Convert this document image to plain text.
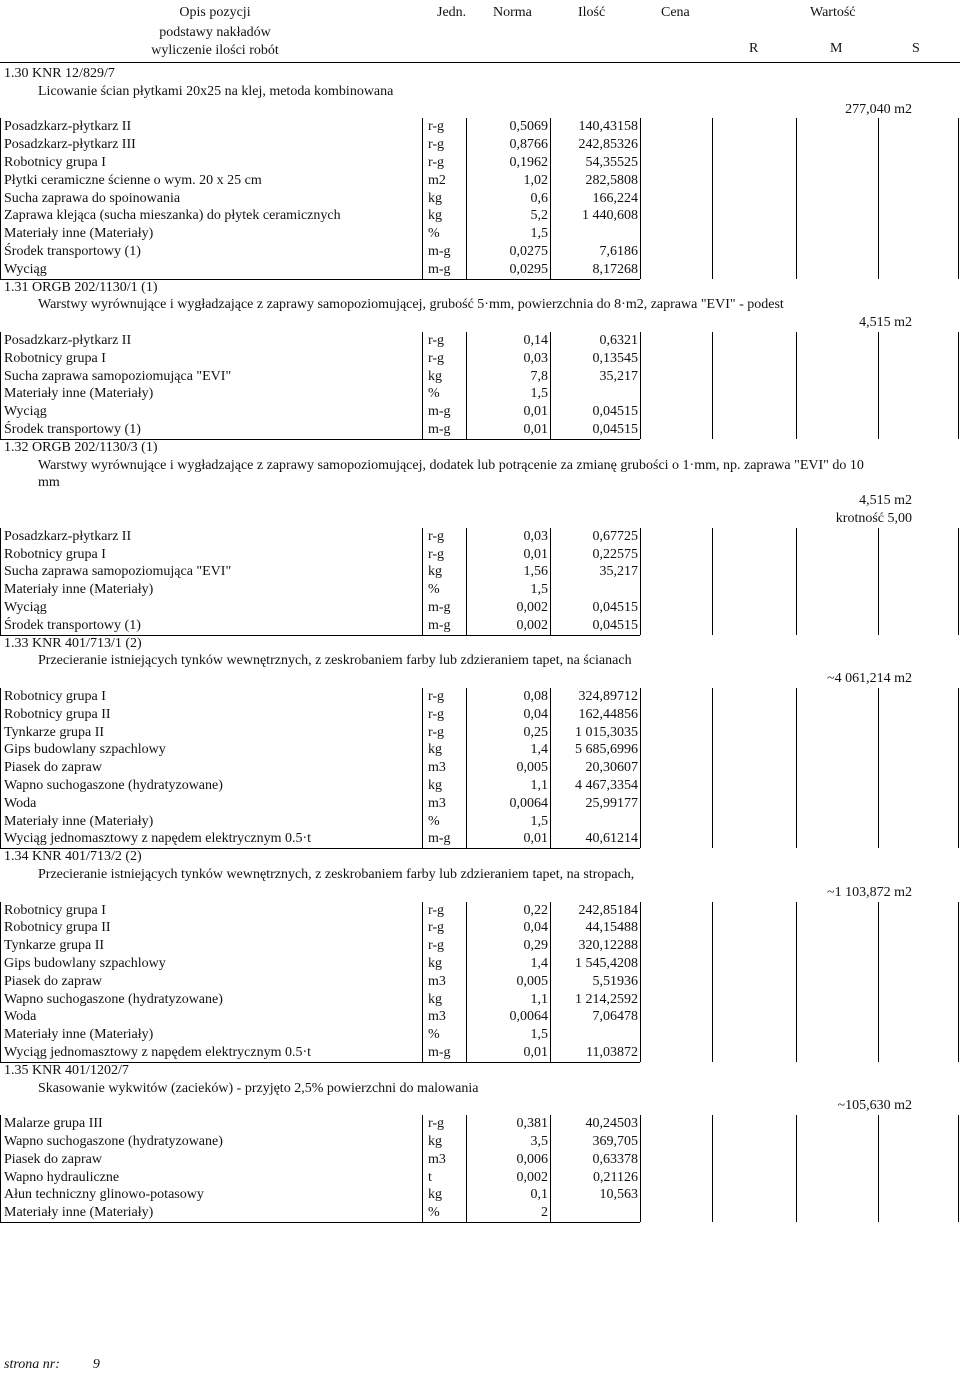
Opis pozycji
podstawy nakładów
wyliczenie ilości robót
Jedn. Norma	Ilość	Cena	Wartość
R	M	S
1.30 KNR 12/829/7
Licowanie ścian płytkami 20x25 na klej, metoda kombinowana
277,040 m2
Posadzkarz-płytkarz II	r-g	0,5069	140,43158
Posadzkarz-płytkarz III	r-g	0,8766	242,85326
Robotnicy grupa I	r-g	0,1962	54,35525
Płytki ceramiczne ścienne o wym. 20 x 25 cm	m2	1,02	282,5808
Sucha zaprawa do spoinowania	kg	0,6	166,224
Zaprawa klejąca (sucha mieszanka) do płytek ceramicznych	kg	5,2	1 440,608
Materiały inne (Materiały)	%	1,5
Środek transportowy (1)	m-g	0,0275	7,6186
Wyciąg	m-g	0,0295	8,17268
1.31 ORGB 202/1130/1 (1)
Warstwy wyrównujące i wygładzające z zaprawy samopoziomującej, grubość 5·mm, powierzchnia do 8·m2, zaprawa "EVI" - podest
4,515 m2
Posadzkarz-płytkarz II	r-g	0,14	0,6321
Robotnicy grupa I	r-g	0,03	0,13545
Sucha zaprawa samopoziomująca "EVI"	kg	7,8	35,217
Materiały inne (Materiały)	%	1,5
Wyciąg	m-g	0,01	0,04515
Środek transportowy (1)	m-g	0,01	0,04515
1.32 ORGB 202/1130/3 (1)
Warstwy wyrównujące i wygładzające z zaprawy samopoziomującej, dodatek lub potrącenie za zmianę grubości o 1·mm, np. zaprawa "EVI" do 10
mm
4,515 m2
krotność 5,00
Posadzkarz-płytkarz II	r-g	0,03	0,67725
Robotnicy grupa I	r-g	0,01	0,22575
Sucha zaprawa samopoziomująca "EVI"	kg	1,56	35,217
Materiały inne (Materiały)	%	1,5
Wyciąg	m-g	0,002	0,04515
Środek transportowy (1)	m-g	0,002	0,04515
1.33 KNR 401/713/1 (2)
Przecieranie istniejących tynków wewnętrznych, z zeskrobaniem farby lub zdzieraniem tapet, na ścianach
~4 061,214 m2
Robotnicy grupa I	r-g	0,08	324,89712
Robotnicy grupa II	r-g	0,04	162,44856
Tynkarze grupa II	r-g	0,25	1 015,3035
Gips budowlany szpachlowy	kg	1,4	5 685,6996
Piasek do zapraw	m3	0,005	20,30607
Wapno suchogaszone (hydratyzowane)	kg	1,1	4 467,3354
Woda	m3	0,0064	25,99177
Materiały inne (Materiały)	%	1,5
Wyciąg jednomasztowy z napędem elektrycznym 0.5·t	m-g	0,01	40,61214
1.34 KNR 401/713/2 (2)
Przecieranie istniejących tynków wewnętrznych, z zeskrobaniem farby lub zdzieraniem tapet, na stropach,
~1 103,872 m2
Robotnicy grupa I	r-g	0,22	242,85184
Robotnicy grupa II	r-g	0,04	44,15488
Tynkarze grupa II	r-g	0,29	320,12288
Gips budowlany szpachlowy	kg	1,4	1 545,4208
Piasek do zapraw	m3	0,005	5,51936
Wapno suchogaszone (hydratyzowane)	kg	1,1	1 214,2592
Woda	m3	0,0064	7,06478
Materiały inne (Materiały)	%	1,5
Wyciąg jednomasztowy z napędem elektrycznym 0.5·t	m-g	0,01	11,03872
1.35 KNR 401/1202/7
Skasowanie wykwitów (zacieków) - przyjęto 2,5% powierzchni do malowania
~105,630 m2
Malarze grupa III	r-g	0,381	40,24503
Wapno suchogaszone (hydratyzowane)	kg	3,5	369,705
Piasek do zapraw	m3	0,006	0,63378
Wapno hydrauliczne	t	0,002	0,21126
Ałun techniczny glinowo-potasowy	kg	0,1	10,563
Materiały inne (Materiały)	%	2
strona nr: 9
